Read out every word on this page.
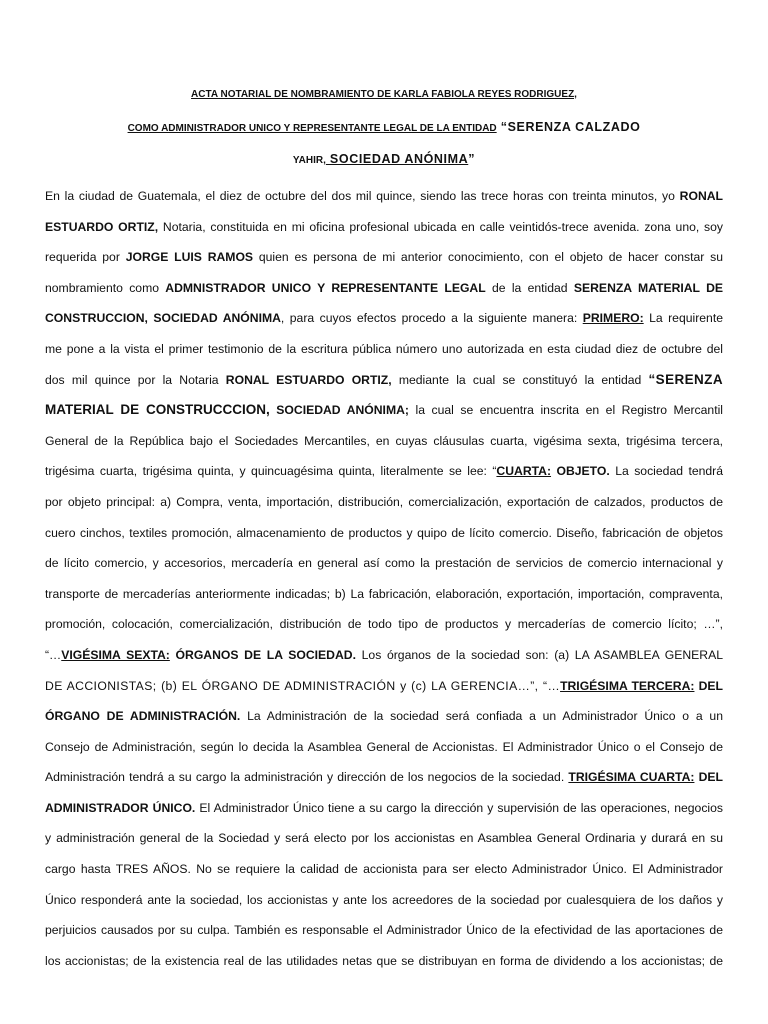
ACTA NOTARIAL DE NOMBRAMIENTO DE KARLA FABIOLA REYES RODRIGUEZ,
COMO ADMINISTRADOR UNICO Y REPRESENTANTE LEGAL DE LA ENTIDAD “SERENZA CALZADO
YAHIR, SOCIEDAD ANÓNIMA”
En la ciudad de Guatemala, el diez de octubre del dos mil quince, siendo las trece horas con treinta minutos, yo RONAL
ESTUARDO ORTIZ, Notaria, constituida en mi oficina profesional ubicada en calle veintidós-trece avenida. zona uno, soy
requerida por JORGE LUIS RAMOS quien es persona de mi anterior conocimiento, con el objeto de hacer constar su
nombramiento como ADMNISTRADOR UNICO Y REPRESENTANTE LEGAL de la entidad SERENZA MATERIAL DE
CONSTRUCCION, SOCIEDAD ANÓNIMA, para cuyos efectos procedo a la siguiente manera: PRIMERO: La requirente
me pone a la vista el primer testimonio de la escritura pública número uno autorizada en esta ciudad diez de octubre del
dos mil quince por la Notaria RONAL ESTUARDO ORTIZ, mediante la cual se constituyó la entidad “SERENZA
MATERIAL DE CONSTRUCCCION, SOCIEDAD ANÓNIMA; la cual se encuentra inscrita en el Registro Mercantil
General de la República bajo el Sociedades Mercantiles, en cuyas cláusulas cuarta, vigésima sexta, trigésima tercera,
trigésima cuarta, trigésima quinta, y quincuagésima quinta, literalmente se lee: “CUARTA: OBJETO. La sociedad tendrá
por objeto principal: a) Compra, venta, importación, distribución, comercialización, exportación de calzados, productos de
cuero cinchos, textiles promoción, almacenamiento de productos y quipo de lícito comercio. Diseño, fabricación de objetos
de lícito comercio, y accesorios, mercadería en general así como la prestación de servicios de comercio internacional y
transporte de mercaderías anteriormente indicadas; b) La fabricación, elaboración, exportación, importación, compraventa,
promoción, colocación, comercialización, distribución de todo tipo de productos y mercaderías de comercio lícito; …”,
“…VIGÉSIMA SEXTA: ÓRGANOS DE LA SOCIEDAD. Los órganos de la sociedad son: (a) LA ASAMBLEA GENERAL
DE ACCIONISTAS; (b) EL ÓRGANO DE ADMINISTRACIÓN y (c) LA GERENCIA…”, “…TRIGÉSIMA TERCERA: DEL
ÓRGANO DE ADMINISTRACIÓN. La Administración de la sociedad será confiada a un Administrador Único o a un
Consejo de Administración, según lo decida la Asamblea General de Accionistas. El Administrador Único o el Consejo de
Administración tendrá a su cargo la administración y dirección de los negocios de la sociedad. TRIGÉSIMA CUARTA: DEL
ADMINISTRADOR ÚNICO. El Administrador Único tiene a su cargo la dirección y supervisión de las operaciones, negocios
y administración general de la Sociedad y será electo por los accionistas en Asamblea General Ordinaria y durará en su
cargo hasta TRES AÑOS. No se requiere la calidad de accionista para ser electo Administrador Único. El Administrador
Único responderá ante la sociedad, los accionistas y ante los acreedores de la sociedad por cualesquiera de los daños y
perjuicios causados por su culpa. También es responsable el Administrador Único de la efectividad de las aportaciones de
los accionistas; de la existencia real de las utilidades netas que se distribuyan en forma de dividendo a los accionistas; de
